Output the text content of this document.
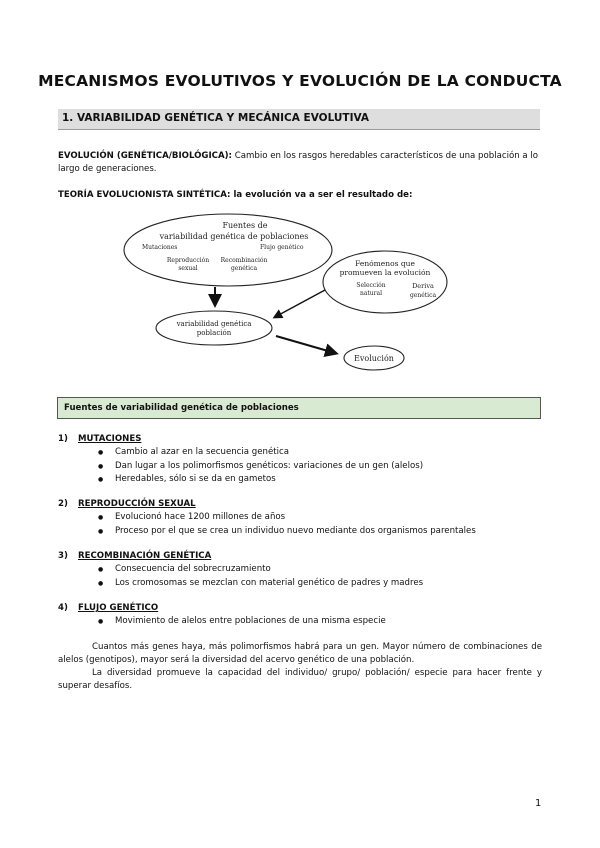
MECANISMOS EVOLUTIVOS Y EVOLUCIÓN DE LA CONDUCTA
1. VARIABILIDAD GENÉTICA Y MECÁNICA EVOLUTIVA
EVOLUCIÓN (GENÉTICA/BIOLÓGICA): Cambio en los rasgos heredables característicos de una población a lo largo de generaciones.
TEORÍA EVOLUCIONISTA SINTÉTICA: la evolución va a ser el resultado de:
Fuentes de
variabilidad genética de poblaciones
Mutaciones	Flujo genético
Reproducción
sexual
Recombinación
genética
Fenómenos que
promueven la evolución
Selección
natural
Deriva
genética
variabilidad genética
población
Evolución
Fuentes de variabilidad genética de poblaciones
1) MUTACIONES
● Cambio al azar en la secuencia genética
● Dan lugar a los polimorfismos genéticos: variaciones de un gen (alelos)
● Heredables, sólo si se da en gametos
2) REPRODUCCIÓN SEXUAL
● Evolucionó hace 1200 millones de años
● Proceso por el que se crea un individuo nuevo mediante dos organismos parentales
3) RECOMBINACIÓN GENÉTICA
● Consecuencia del sobrecruzamiento
● Los cromosomas se mezclan con material genético de padres y madres
4) FLUJO GENÉTICO
● Movimiento de alelos entre poblaciones de una misma especie
Cuantos más genes haya, más polimorfismos habrá para un gen. Mayor número de combinaciones de alelos (genotipos), mayor será la diversidad del acervo genético de una población.
La diversidad promueve la capacidad del individuo/ grupo/ población/ especie para hacer frente y superar desafíos.
1
